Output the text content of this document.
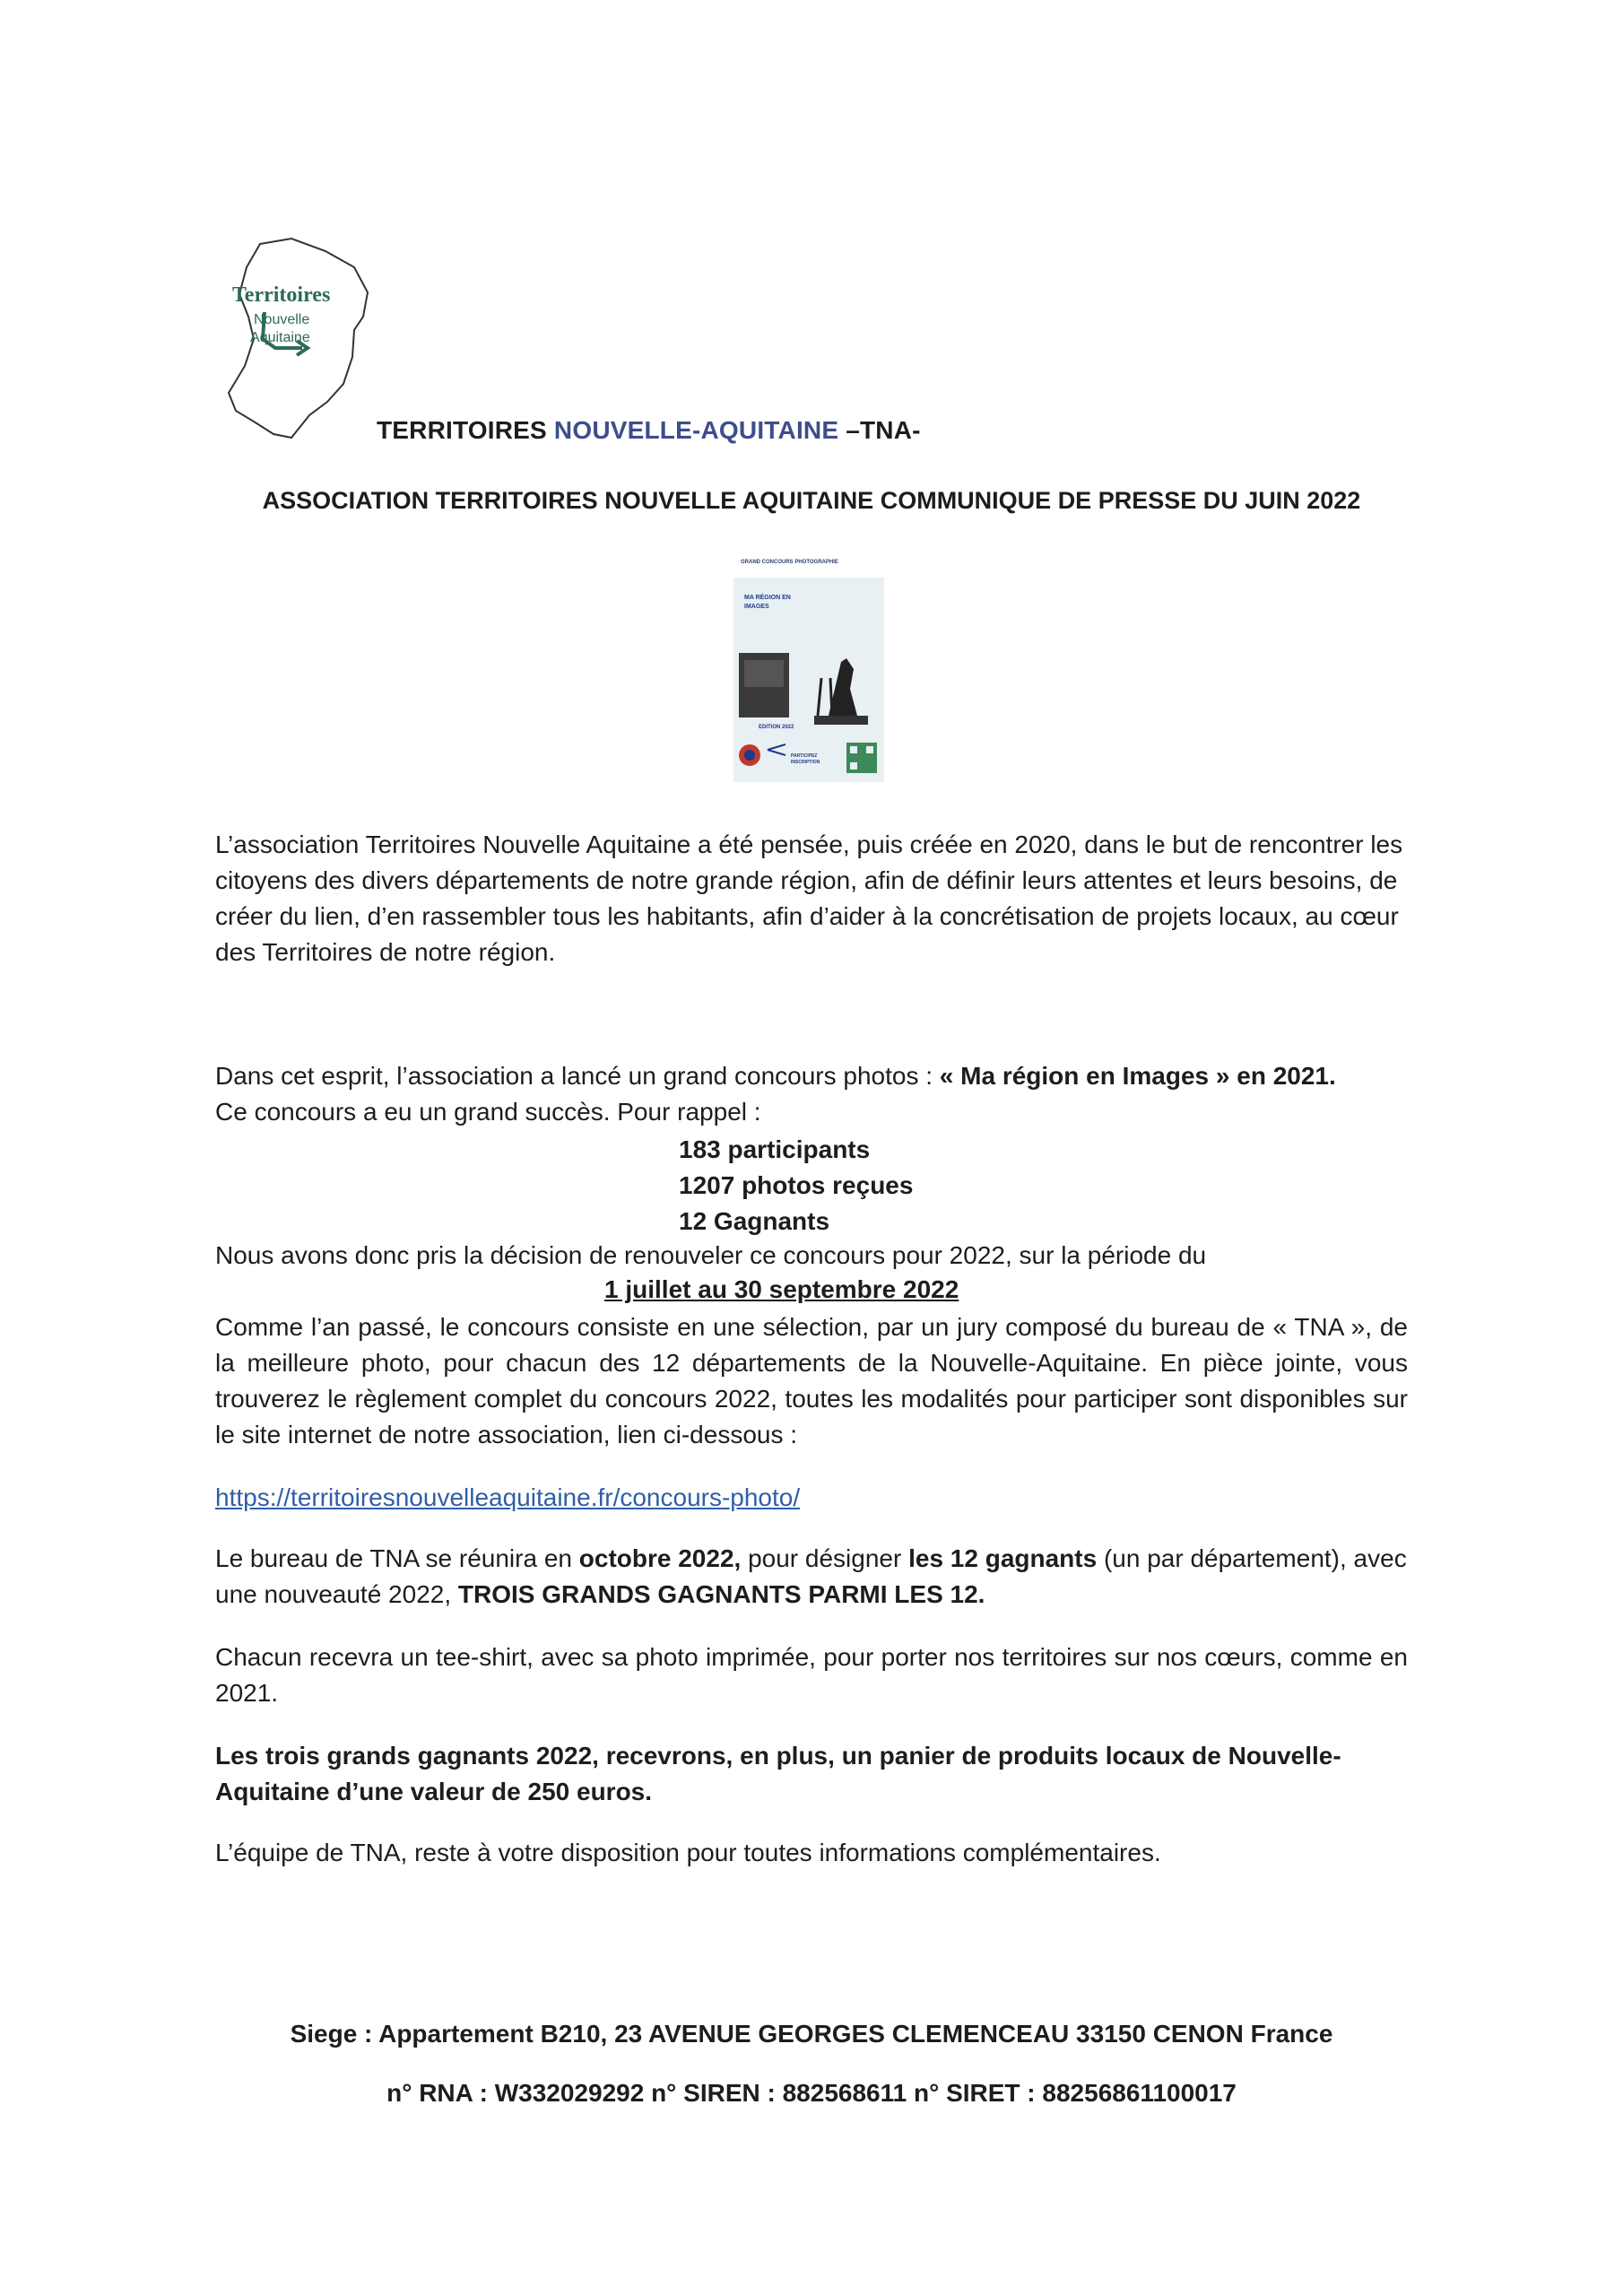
Territoires
Nouvelle
Aquitaine
TERRITOIRES NOUVELLE-AQUITAINE –TNA-
ASSOCIATION TERRITOIRES NOUVELLE AQUITAINE COMMUNIQUE DE PRESSE DU JUIN 2022
GRAND CONCOURS PHOTOGRAPHIE
MA RÉGION EN IMAGES
EDITION 2022
PARTICIPEZ INSCRIPTION
L’association Territoires Nouvelle Aquitaine a été pensée, puis créée en 2020, dans le but de rencontrer les citoyens des divers départements de notre grande région, afin de définir leurs attentes et leurs besoins, de créer du lien, d’en rassembler tous les habitants, afin d’aider à la concrétisation de projets locaux, au cœur des Territoires de notre région.
Dans cet esprit, l’association a lancé un grand concours photos : « Ma région en Images » en 2021.
Ce concours a eu un grand succès. Pour rappel :
183 participants
1207 photos reçues
12 Gagnants
Nous avons donc pris la décision de renouveler ce concours pour 2022, sur la période du
1 juillet au 30 septembre 2022
Comme l’an passé, le concours consiste en une sélection, par un jury composé du bureau de « TNA », de la meilleure photo, pour chacun des 12 départements de la Nouvelle-Aquitaine. En pièce jointe, vous trouverez le règlement complet du concours 2022, toutes les modalités pour participer sont disponibles sur le site internet de notre association, lien ci-dessous :
https://territoiresnouvelleaquitaine.fr/concours-photo/
Le bureau de TNA se réunira en octobre 2022, pour désigner les 12 gagnants (un par département), avec une nouveauté 2022, TROIS GRANDS GAGNANTS PARMI LES 12.
Chacun recevra un tee-shirt, avec sa photo imprimée, pour porter nos territoires sur nos cœurs, comme en 2021.
Les trois grands gagnants 2022, recevrons, en plus, un panier de produits locaux de Nouvelle-Aquitaine d’une valeur de 250 euros.
L’équipe de TNA, reste à votre disposition pour toutes informations complémentaires.
Siege : Appartement B210, 23 AVENUE GEORGES CLEMENCEAU 33150 CENON France
n° RNA : W332029292 n° SIREN : 882568611 n° SIRET : 88256861100017
